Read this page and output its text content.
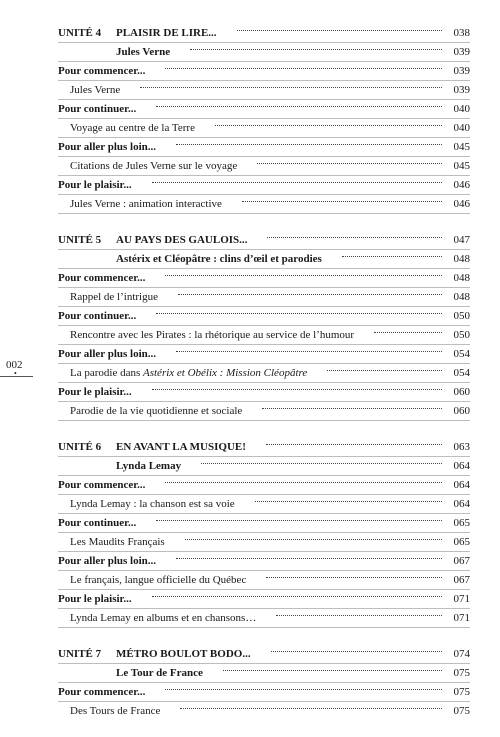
002
•
UNITÉ 4 PLAISIR DE LIRE...	038
Jules Verne	039
Pour commencer...	039
Jules Verne	039
Pour continuer...	040
Voyage au centre de la Terre	040
Pour aller plus loin...	045
Citations de Jules Verne sur le voyage	045
Pour le plaisir...	046
Jules Verne : animation interactive	046
UNITÉ 5 AU PAYS DES GAULOIS...	047
Astérix et Cléopâtre : clins d’œil et parodies	048
Pour commencer...	048
Rappel de l’intrigue	048
Pour continuer...	050
Rencontre avec les Pirates : la rhétorique au service de l’humour	050
Pour aller plus loin...	054
La parodie dans Astérix et Obélix : Mission Cléopâtre	054
Pour le plaisir...	060
Parodie de la vie quotidienne et sociale	060
UNITÉ 6 EN AVANT LA MUSIQUE!	063
Lynda Lemay	064
Pour commencer...	064
Lynda Lemay : la chanson est sa voie	064
Pour continuer...	065
Les Maudits Français	065
Pour aller plus loin...	067
Le français, langue officielle du Québec	067
Pour le plaisir...	071
Lynda Lemay en albums et en chansons…	071
UNITÉ 7 MÉTRO BOULOT BODO...	074
Le Tour de France	075
Pour commencer...	075
Des Tours de France	075
